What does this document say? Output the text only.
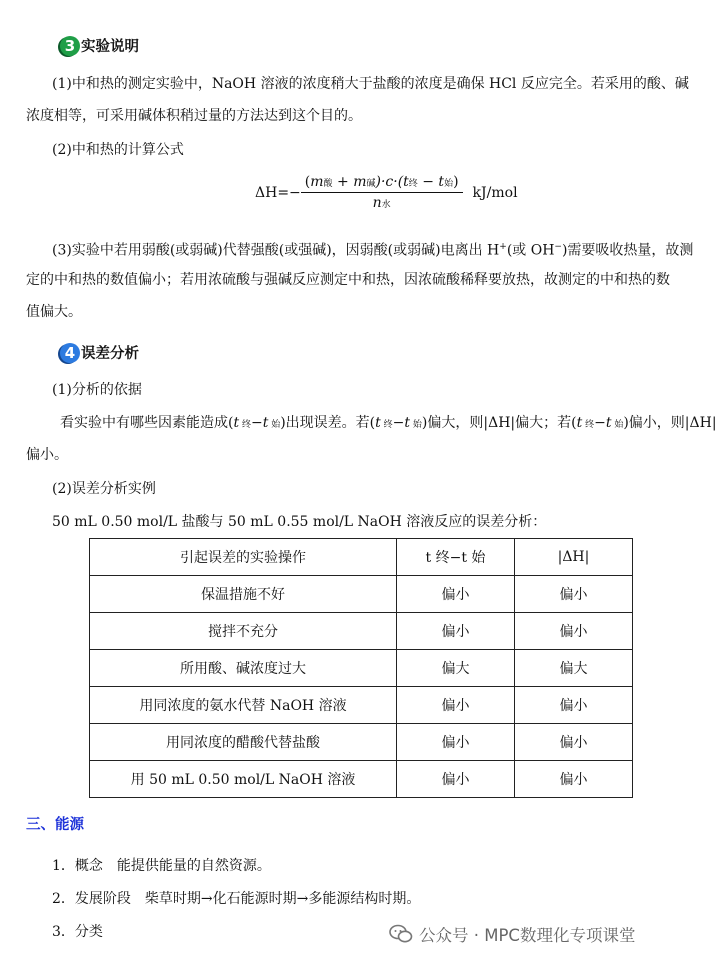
3 实验说明
(1)中和热的测定实验中，NaOH 溶液的浓度稍大于盐酸的浓度是确保 HCl 反应完全。若采用的酸、碱
浓度相等，可采用碱体积稍过量的方法达到这个目的。
(2)中和热的计算公式
$\Delta H=- \frac{\text{(m酸 + m碱)·c·(t终 − t始)}}{\text{n水}} kJ/mol$
(3)实验中若用弱酸(或弱碱)代替强酸(或强碱)，因弱酸(或弱碱)电离出 H+(或 OH−)需要吸收热量，故测
定的中和热的数值偏小；若用浓硫酸与强碱反应测定中和热，因浓硫酸稀释要放热，故测定的中和热的数
值偏大。
4 误差分析
(1)分析的依据
看实验中有哪些因素能造成(t 终−t 始)出现误差。若(t 终−t 始)偏大，则|ΔH|偏大；若(t 终−t 始)偏小，则|ΔH|
偏小。
(2)误差分析实例
50 mL 0.50 mol/L 盐酸与 50 mL 0.55 mol/L NaOH 溶液反应的误差分析：
引起误差的实验操作	t 终−t 始	|ΔH|
保温措施不好	偏小	偏小
搅拌不充分	偏小	偏小
所用酸、碱浓度过大	偏大	偏大
用同浓度的氨水代替 NaOH 溶液	偏小	偏小
用同浓度的醋酸代替盐酸	偏小	偏小
用 50 mL 0.50 mol/L NaOH 溶液	偏小	偏小
三、能源
1．概念 能提供能量的自然资源。
2．发展阶段 柴草时期→化石能源时期→多能源结构时期。
3．分类	公众号 · MPC数理化专项课堂
